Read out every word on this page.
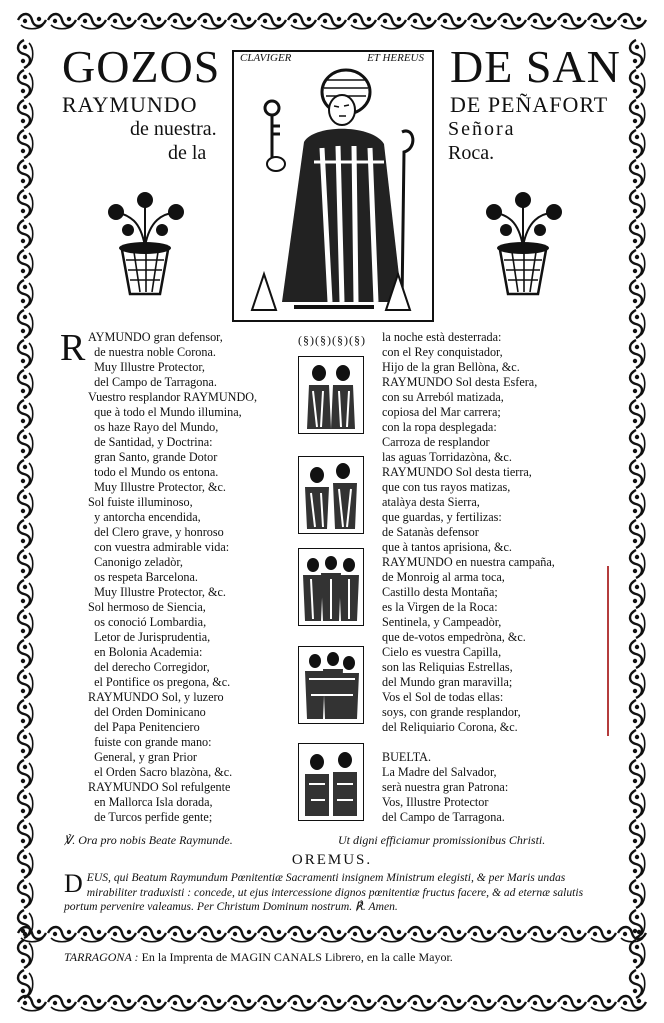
GOZOS
RAYMUNDO
de nuestra.
de la
DE SAN
DE PEÑAFORT
Señora
Roca.
CLAVIGER	ET HEREUS
R AYMUNDO gran defensor,
de nuestra noble Corona.
Muy Illustre Protector,
del Campo de Tarragona.
Vuestro resplandor RAYMUNDO,
que à todo el Mundo illumina,
os haze Rayo del Mundo,
de Santidad, y Doctrina:
gran Santo, grande Dotor
todo el Mundo os entona.
Muy Illustre Protector, &c.
Sol fuiste illuminoso,
y antorcha encendida,
del Clero grave, y honroso
con vuestra admirable vida:
Canonigo zeladòr,
os respeta Barcelona.
Muy Illustre Protector, &c.
Sol hermoso de Siencia,
os conoció Lombardia,
Letor de Jurisprudentia,
en Bolonia Academia:
del derecho Corregidor,
el Pontifice os pregona, &c.
RAYMUNDO Sol, y luzero
del Orden Dominicano
del Papa Penitenciero
fuiste con grande mano:
General, y gran Prior
el Orden Sacro blazòna, &c.
RAYMUNDO Sol refulgente
en Mallorca Isla dorada,
de Turcos perfide gente;
la noche està desterrada:
con el Rey conquistador,
Hijo de la gran Bellòna, &c.
RAYMUNDO Sol desta Esfera,
con su Arreból matizada,
copiosa del Mar carrera;
con la ropa desplegada:
Carroza de resplandor
las aguas Torridazòna, &c.
RAYMUNDO Sol desta tierra,
que con tus rayos matizas,
atalàya desta Sierra,
que guardas, y fertilizas:
de Satanàs defensor
que à tantos aprisiona, &c.
RAYMUNDO en nuestra campaña,
de Monroig al arma toca,
Castillo desta Montaña;
es la Virgen de la Roca:
Sentinela, y Campeadòr,
que de-votos empedròna, &c.
Cielo es vuestra Capilla,
son las Reliquias Estrellas,
del Mundo gran maravilla;
Vos el Sol de todas ellas:
soys, con grande resplandor,
del Reliquiario Corona, &c.
BUELTA.
La Madre del Salvador,
serà nuestra gran Patrona:
Vos, Illustre Protector
del Campo de Tarragona.
(§)(§)(§)(§)
℣. Ora pro nobis Beate Raymunde.	Ut digni efficiamur promissionibus Christi.
OREMUS.
DEUS, qui Beatum Raymundum Pœnitentiæ Sacramenti insignem Ministrum elegisti, & per Maris undas mirabiliter traduxisti : concede, ut ejus intercessione dignos pœnitentiæ fructus facere, & ad eternæ salutis portum pervenire valeamus. Per Christum Dominum nostrum. ℟. Amen.
TARRAGONA : En la Imprenta de MAGIN CANALS Librero, en la calle Mayor.
